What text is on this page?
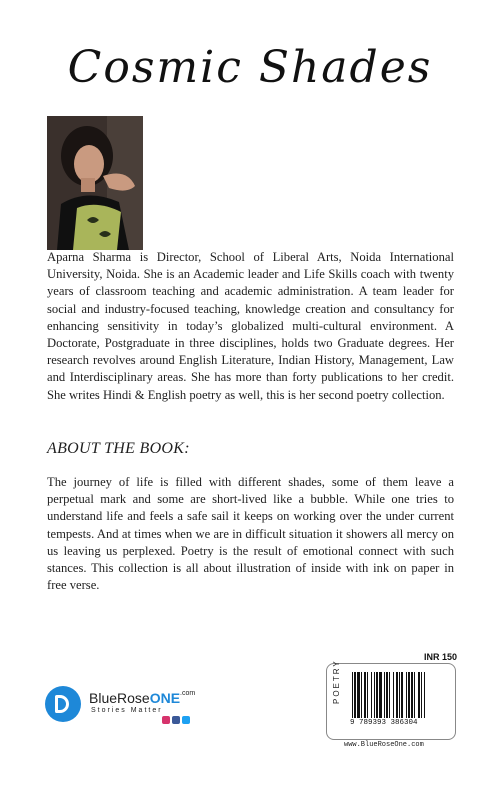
Cosmic Shades

Aparna Sharma is Director, School of Liberal Arts, Noida International University, Noida. She is an Academic leader and Life Skills coach with twenty years of classroom teaching and academic administration. A team leader for social and industry-focused teaching, knowledge creation and consultancy for enhancing sensitivity in today’s globalized multi-cultural environment. A Doctorate, Postgraduate in three disciplines, holds two Graduate degrees. Her research revolves around English Literature, Indian History, Management, Law and Interdisciplinary areas. She has more than forty publications to her credit. She writes Hindi & English poetry as well, this is her second poetry collection.

ABOUT THE BOOK:

The journey of life is filled with different shades, some of them leave a perpetual mark and some are short-lived like a bubble. While one tries to understand life and feels a safe sail it keeps on working over the under current tempests. And at times when we are in difficult situation it showers all mercy on us leaving us perplexed. Poetry is the result of emotional connect with such stances. This collection is all about illustration of inside with ink on paper in free verse.

BlueRoseONE$^{.com}$
Stories Matter
INR 150
POETRY
9 789393 386304
www.BlueRoseOne.com
